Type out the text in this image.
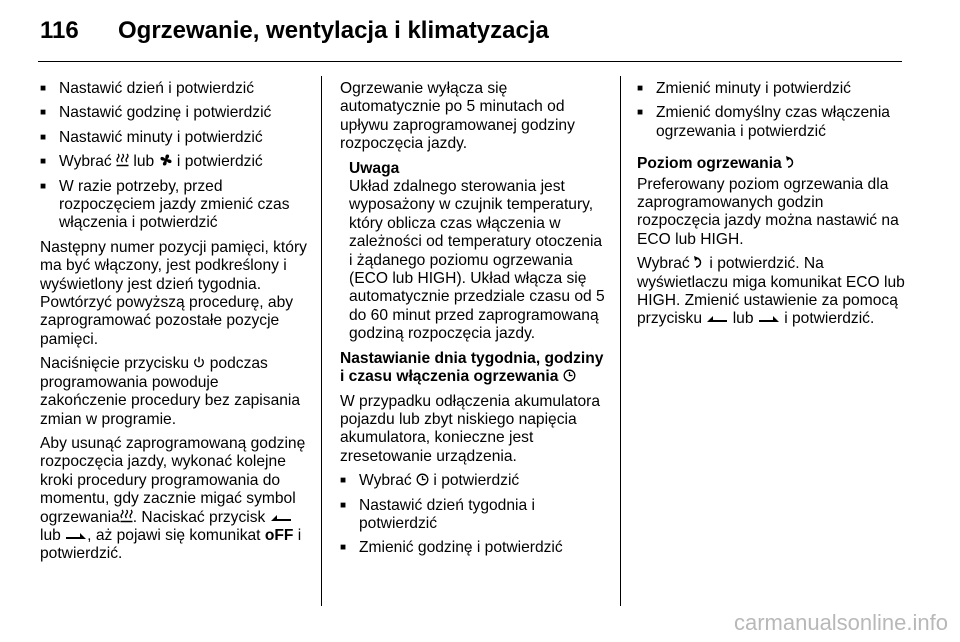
116 Ogrzewanie, wentylacja i klimatyzacja
■ Nastawić dzień i potwierdzić
■ Nastawić godzinę i potwierdzić
■ Nastawić minuty i potwierdzić
■ Wybrać lub i potwierdzić
■ W razie potrzeby, przed rozpoczęciem jazdy zmienić czas włączenia i potwierdzić

Następny numer pozycji pamięci, który ma być włączony, jest podkreślony i wyświetlony jest dzień tygodnia. Powtórzyć powyższą procedurę, aby zaprogramować pozostałe pozycje pamięci.

Naciśnięcie przycisku podczas programowania powoduje zakończenie procedury bez zapisania zmian w programie.

Aby usunąć zaprogramowaną godzinę rozpoczęcia jazdy, wykonać kolejne kroki procedury programowania do momentu, gdy zacznie migać symbol ogrzewania . Naciskać przycisk
lub , aż pojawi się komunikat oFF i potwierdzić.

Ogrzewanie wyłącza się automatycznie po 5 minutach od upływu zaprogramowanej godziny rozpoczęcia jazdy.

Uwaga
Układ zdalnego sterowania jest wyposażony w czujnik temperatury, który oblicza czas włączenia w zależności od temperatury otoczenia i żądanego poziomu ogrzewania (ECO lub HIGH). Układ włącza się automatycznie przedziale czasu od 5 do 60 minut przed zaprogramowaną godziną rozpoczęcia jazdy.
Nastawianie dnia tygodnia, godziny i czasu włączenia ogrzewania

W przypadku odłączenia akumulatora pojazdu lub zbyt niskiego napięcia akumulatora, konieczne jest zresetowanie urządzenia.

■ Wybrać i potwierdzić
■ Nastawić dzień tygodnia i potwierdzić
■ Zmienić godzinę i potwierdzić
■ Zmienić minuty i potwierdzić
■ Zmienić domyślny czas włączenia ogrzewania i potwierdzić
Poziom ogrzewania

Preferowany poziom ogrzewania dla zaprogramowanych godzin rozpoczęcia jazdy można nastawić na ECO lub HIGH.

Wybrać i potwierdzić. Na wyświetlaczu miga komunikat ECO lub HIGH. Zmienić ustawienie za pomocą przycisku lub i potwierdzić.

carmanualsonline.info
